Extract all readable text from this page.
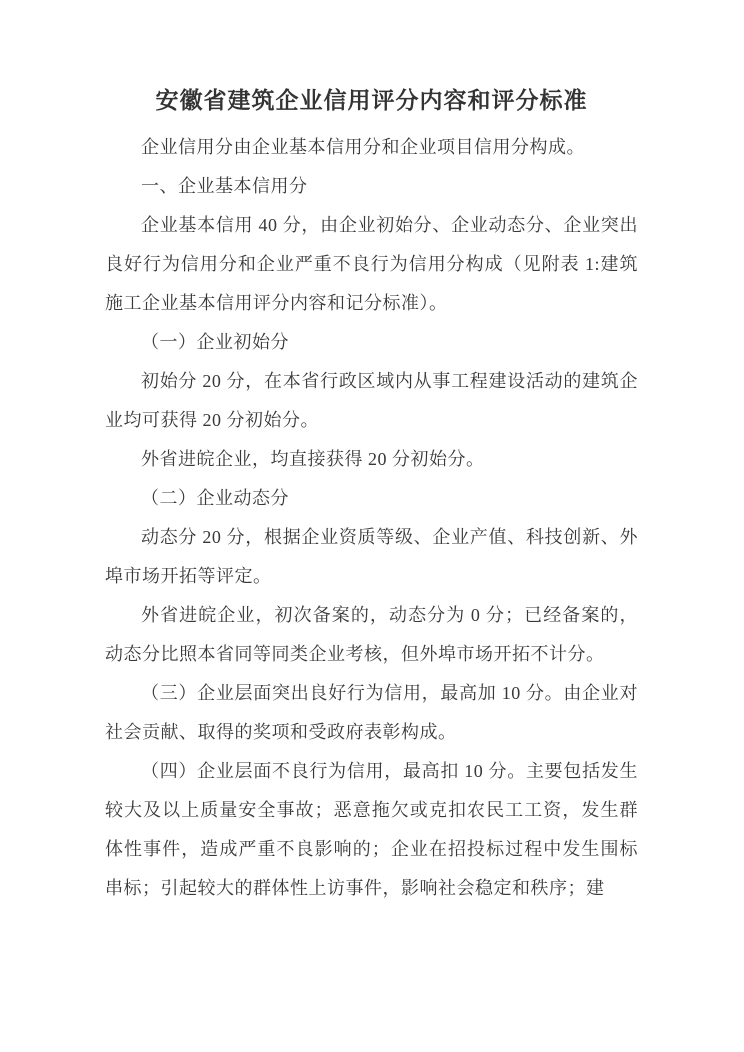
安徽省建筑企业信用评分内容和评分标准

企业信用分由企业基本信用分和企业项目信用分构成。

一、企业基本信用分

企业基本信用 40 分，由企业初始分、企业动态分、企业突出良好行为信用分和企业严重不良行为信用分构成（见附表 1:建筑施工企业基本信用评分内容和记分标准）。

（一）企业初始分

初始分 20 分，在本省行政区域内从事工程建设活动的建筑企业均可获得 20 分初始分。

外省进皖企业，均直接获得 20 分初始分。

（二）企业动态分

动态分 20 分，根据企业资质等级、企业产值、科技创新、外埠市场开拓等评定。

外省进皖企业，初次备案的，动态分为 0 分；已经备案的，动态分比照本省同等同类企业考核，但外埠市场开拓不计分。

（三）企业层面突出良好行为信用，最高加 10 分。由企业对社会贡献、取得的奖项和受政府表彰构成。

（四）企业层面不良行为信用，最高扣 10 分。主要包括发生较大及以上质量安全事故；恶意拖欠或克扣农民工工资，发生群体性事件，造成严重不良影响的；企业在招投标过程中发生围标串标；引起较大的群体性上访事件，影响社会稳定和秩序；建
